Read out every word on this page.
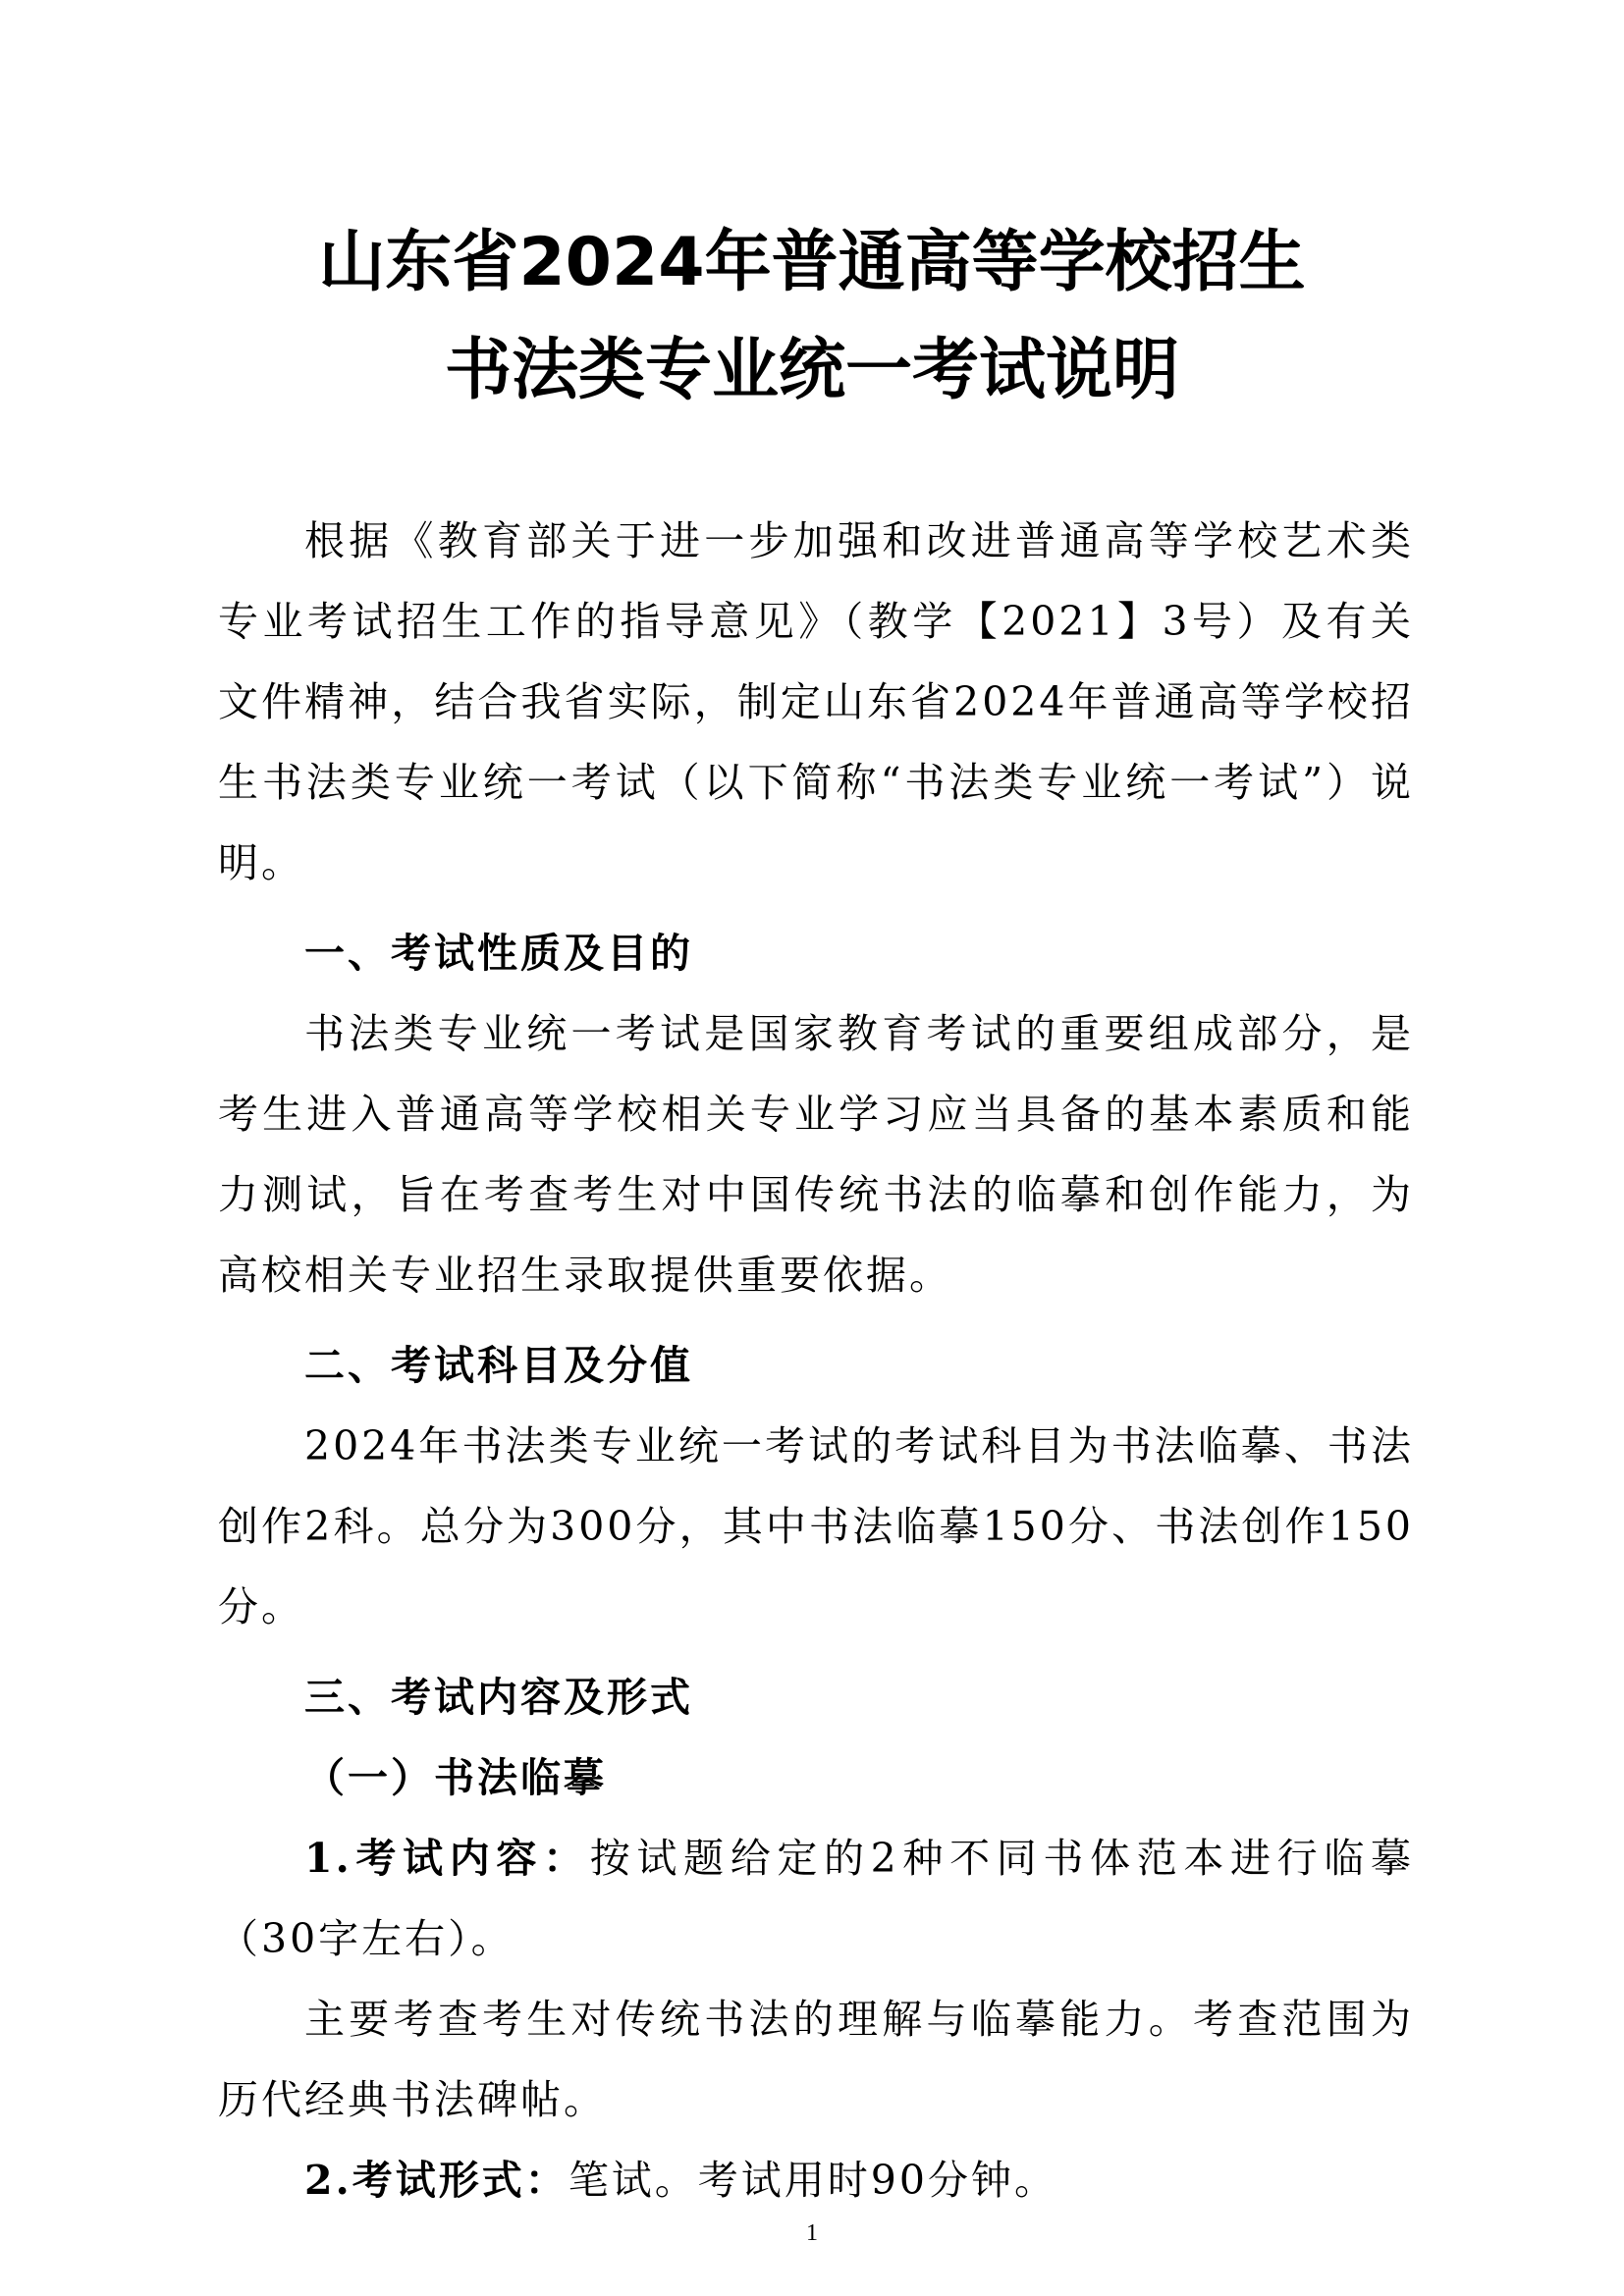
山东省2024年普通高等学校招生
书法类专业统一考试说明

根据《教育部关于进一步加强和改进普通高等学校艺术类专业考试招生工作的指导意见》（教学【2021】3号）及有关文件精神，结合我省实际，制定山东省2024年普通高等学校招生书法类专业统一考试（以下简称“书法类专业统一考试”）说明。

一、考试性质及目的

书法类专业统一考试是国家教育考试的重要组成部分，是考生进入普通高等学校相关专业学习应当具备的基本素质和能力测试，旨在考查考生对中国传统书法的临摹和创作能力，为高校相关专业招生录取提供重要依据。

二、考试科目及分值

2024年书法类专业统一考试的考试科目为书法临摹、书法创作2科。总分为300分，其中书法临摹150分、书法创作150分。

三、考试内容及形式

（一）书法临摹

1.考试内容：按试题给定的2种不同书体范本进行临摹（30字左右）。

主要考查考生对传统书法的理解与临摹能力。考查范围为历代经典书法碑帖。

2.考试形式：笔试。考试用时90分钟。

1
